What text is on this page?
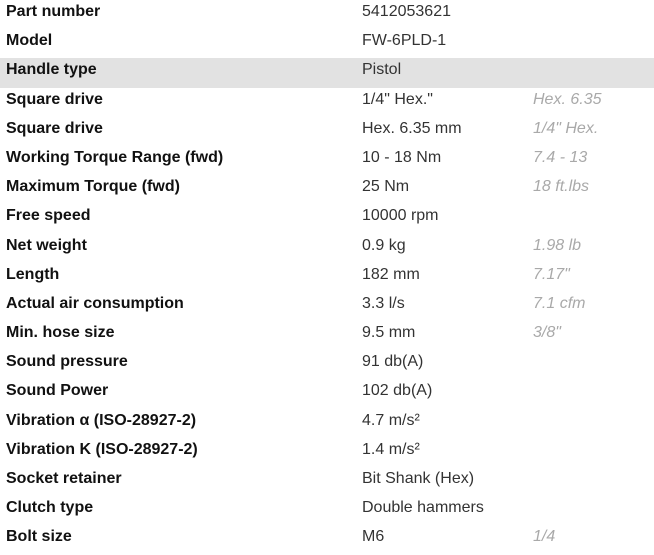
Part number	5412053621
Model	FW-6PLD-1
Handle type	Pistol
Square drive	1/4" Hex."	Hex. 6.35
Square drive	Hex. 6.35 mm	1/4" Hex.
Working Torque Range (fwd)	10 - 18 Nm	7.4 - 13
Maximum Torque (fwd)	25 Nm	18 ft.lbs
Free speed	10000 rpm
Net weight	0.9 kg	1.98 lb
Length	182 mm	7.17"
Actual air consumption	3.3 l/s	7.1 cfm
Min. hose size	9.5 mm	3/8"
Sound pressure	91 db(A)
Sound Power	102 db(A)
Vibration α (ISO-28927-2)	4.7 m/s²
Vibration K (ISO-28927-2)	1.4 m/s²
Socket retainer	Bit Shank (Hex)
Clutch type	Double hammers
Bolt size	M6	1/4
